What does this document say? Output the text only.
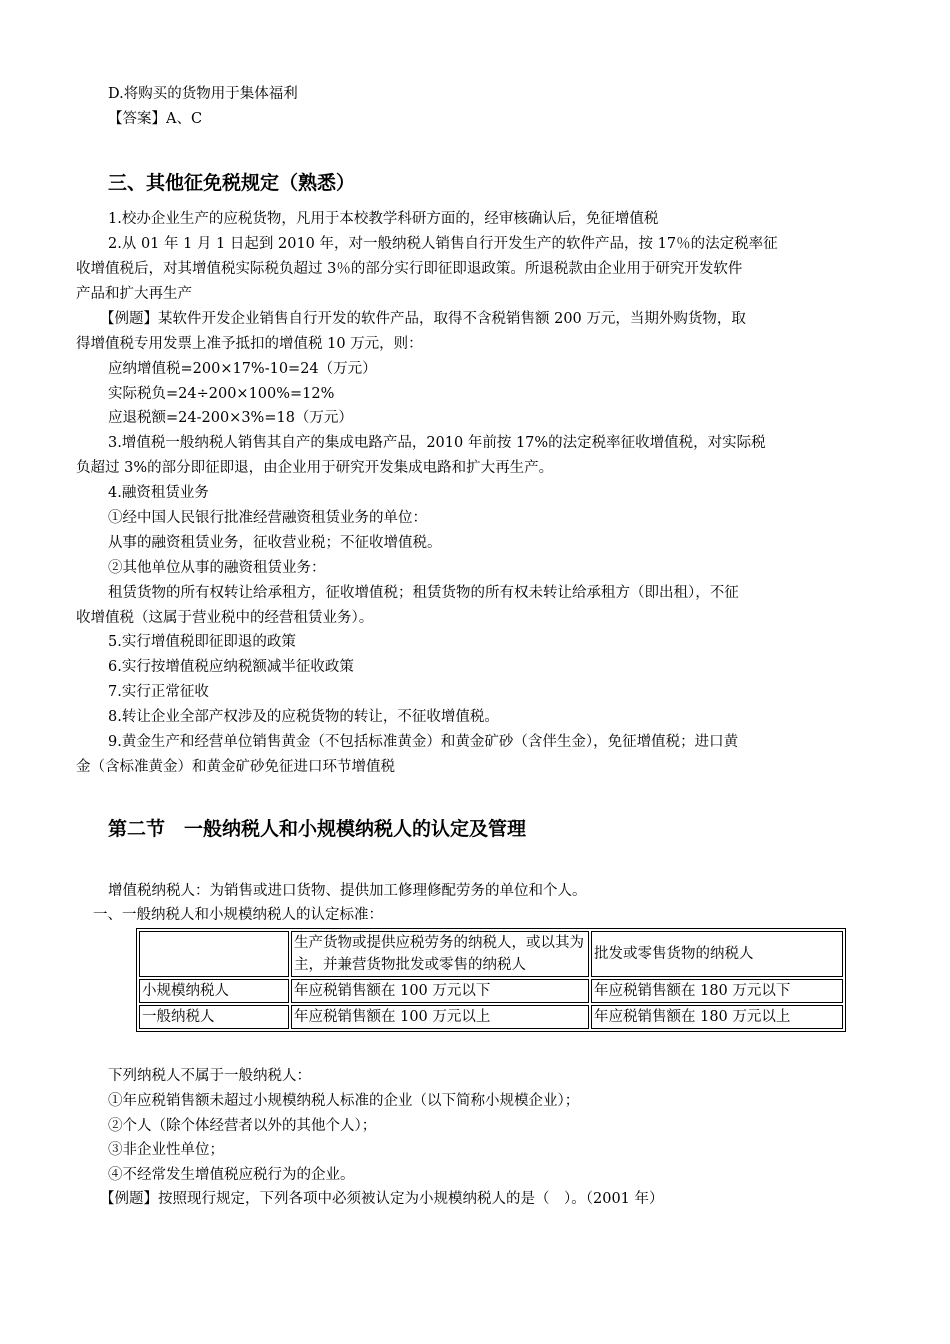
D.将购买的货物用于集体福利
【答案】A、C
三、其他征免税规定（熟悉）
1.校办企业生产的应税货物，凡用于本校教学科研方面的，经审核确认后，免征增值税
2.从 01 年 1 月 1 日起到 2010 年，对一般纳税人销售自行开发生产的软件产品，按 17％的法定税率征
收增值税后，对其增值税实际税负超过 3％的部分实行即征即退政策。所退税款由企业用于研究开发软件
产品和扩大再生产
【例题】某软件开发企业销售自行开发的软件产品，取得不含税销售额 200 万元，当期外购货物，取
得增值税专用发票上准予抵扣的增值税 10 万元，则：
应纳增值税=200×17%-10=24（万元）
实际税负=24÷200×100%=12%
应退税额=24-200×3%=18（万元）
3.增值税一般纳税人销售其自产的集成电路产品，2010 年前按 17%的法定税率征收增值税，对实际税
负超过 3%的部分即征即退，由企业用于研究开发集成电路和扩大再生产。
4.融资租赁业务
①经中国人民银行批准经营融资租赁业务的单位：
从事的融资租赁业务，征收营业税；不征收增值税。
②其他单位从事的融资租赁业务：
租赁货物的所有权转让给承租方，征收增值税；租赁货物的所有权未转让给承租方（即出租），不征
收增值税（这属于营业税中的经营租赁业务）。
5.实行增值税即征即退的政策
6.实行按增值税应纳税额减半征收政策
7.实行正常征收
8.转让企业全部产权涉及的应税货物的转让，不征收增值税。
9.黄金生产和经营单位销售黄金（不包括标准黄金）和黄金矿砂（含伴生金），免征增值税；进口黄
金（含标准黄金）和黄金矿砂免征进口环节增值税
第二节　一般纳税人和小规模纳税人的认定及管理
增值税纳税人：为销售或进口货物、提供加工修理修配劳务的单位和个人。
一、一般纳税人和小规模纳税人的认定标准：
	生产货物或提供应税劳务的纳税人，或以其为主，并兼营货物批发或零售的纳税人	批发或零售货物的纳税人
小规模纳税人	年应税销售额在 100 万元以下	年应税销售额在 180 万元以下
一般纳税人	年应税销售额在 100 万元以上	年应税销售额在 180 万元以上
下列纳税人不属于一般纳税人：
①年应税销售额未超过小规模纳税人标准的企业（以下简称小规模企业）；
②个人（除个体经营者以外的其他个人）；
③非企业性单位；
④不经常发生增值税应税行为的企业。
【例题】按照现行规定，下列各项中必须被认定为小规模纳税人的是（　）。（2001 年）
